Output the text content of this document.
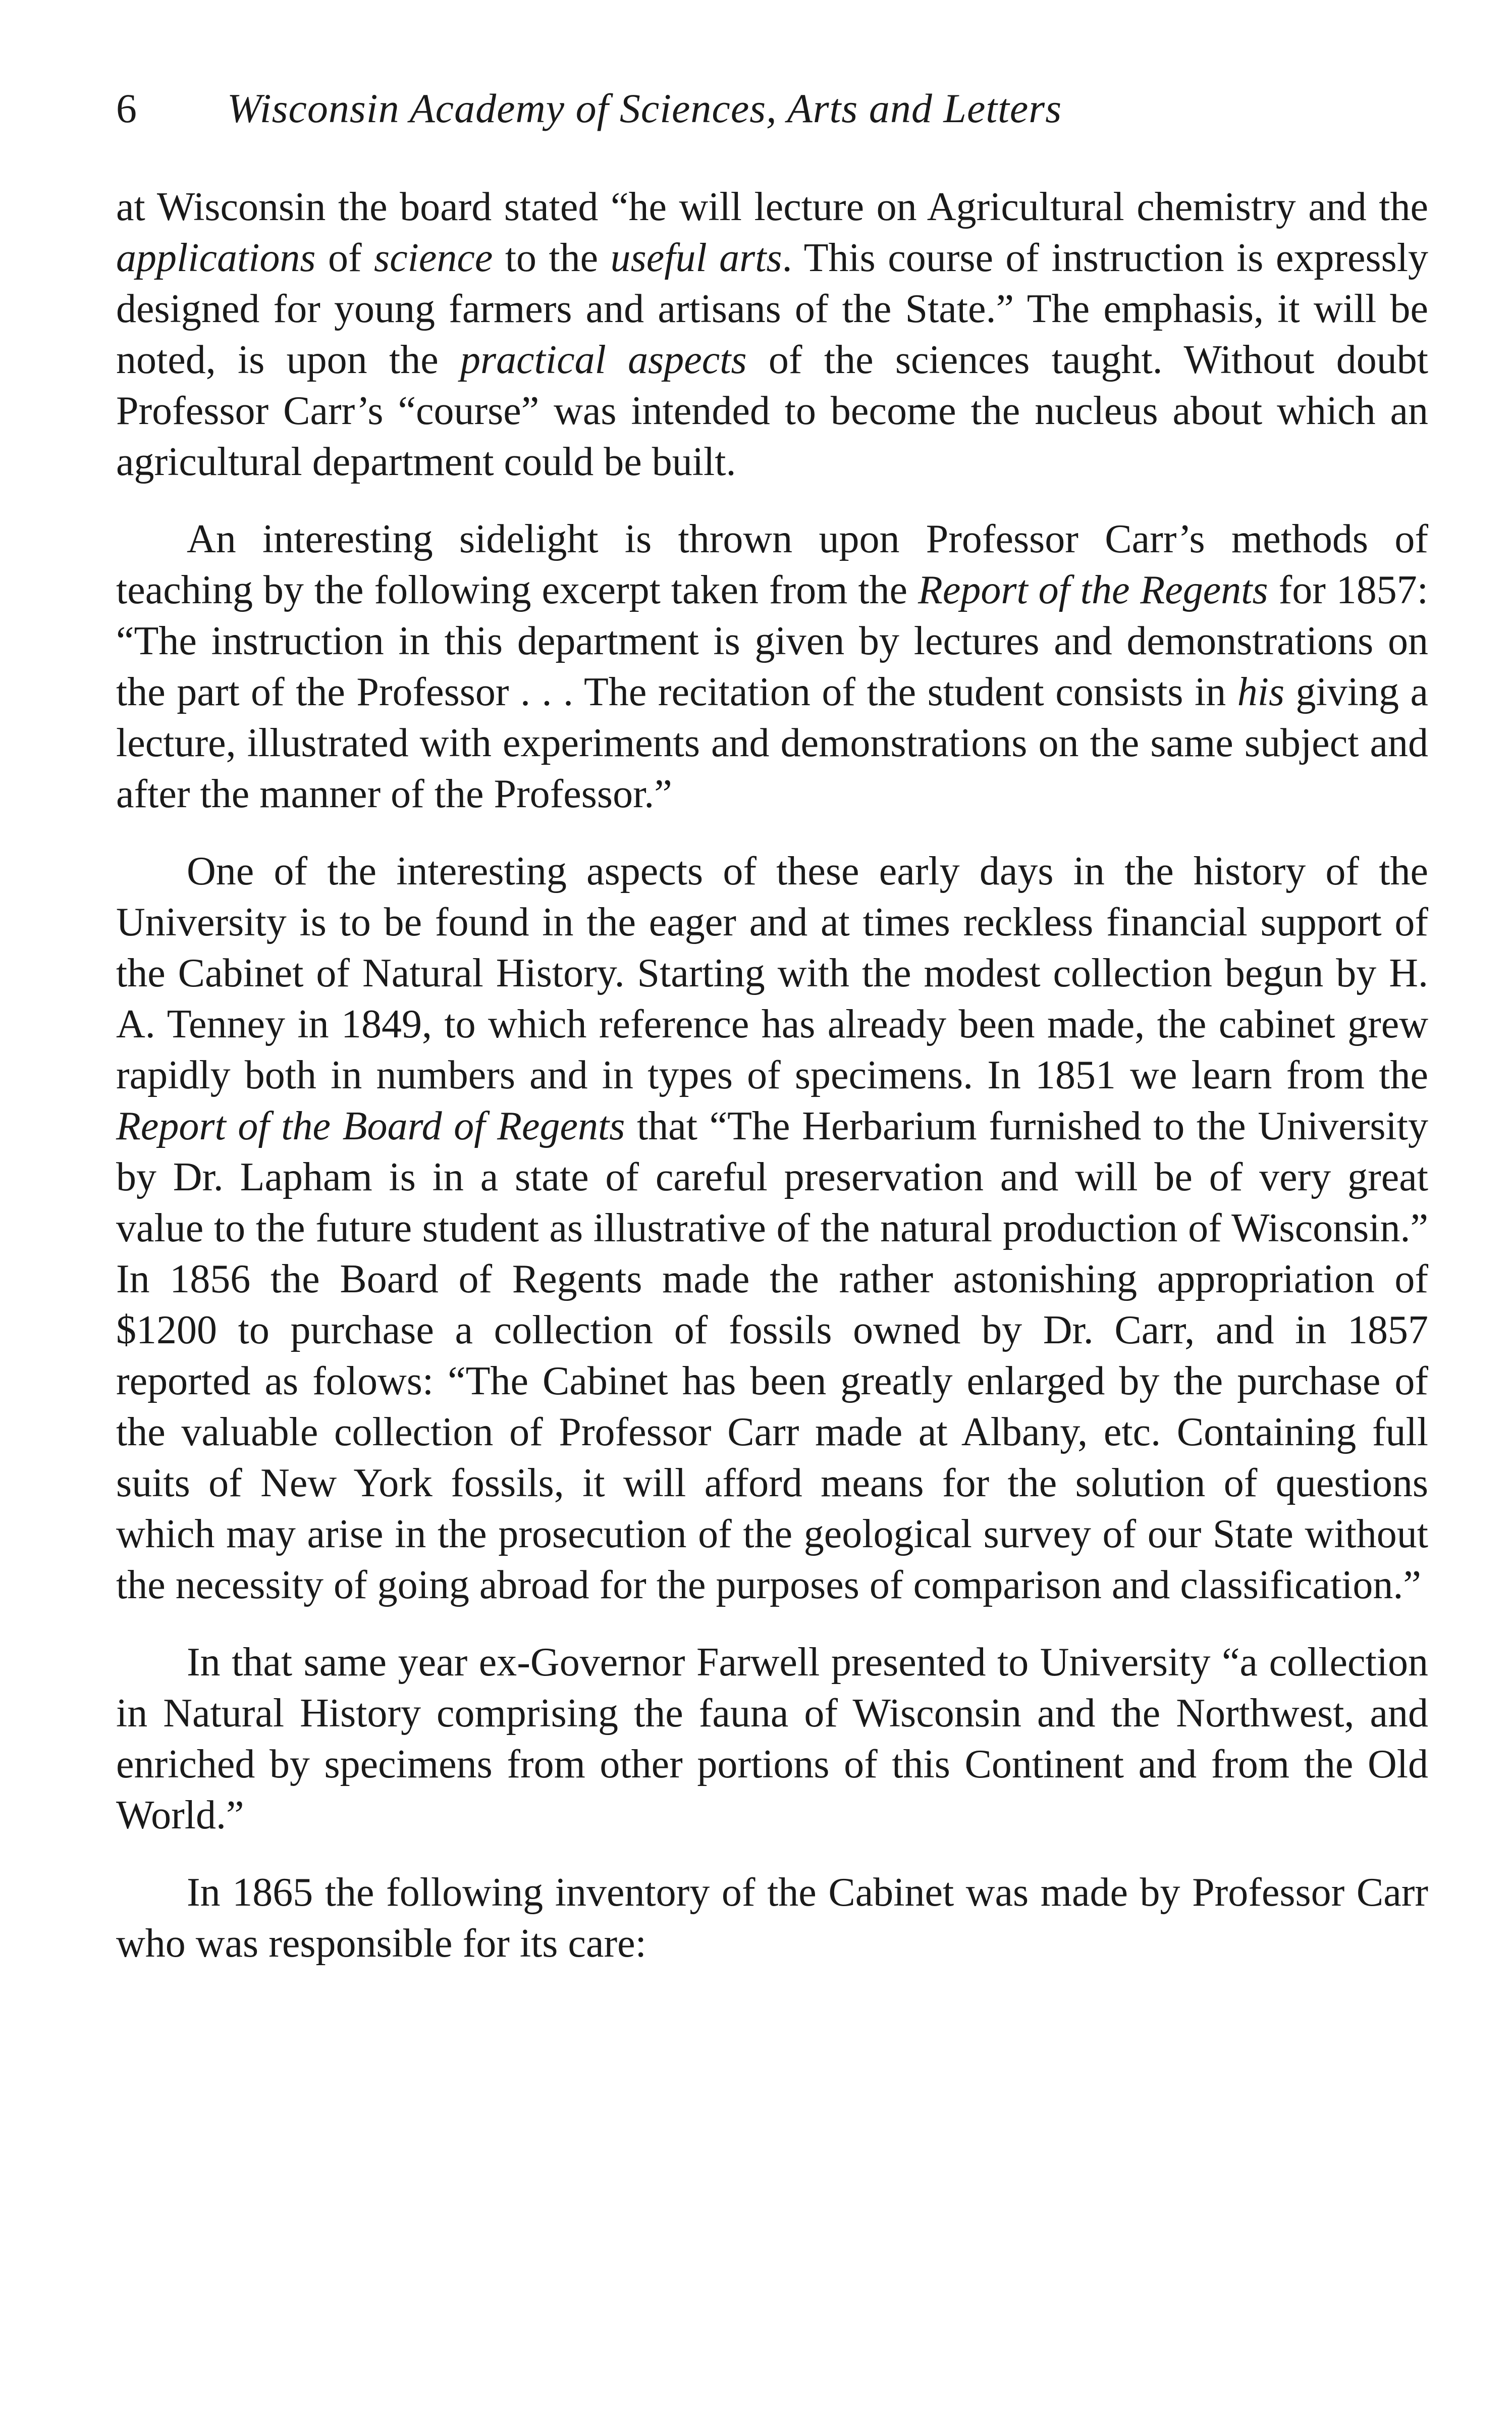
6 Wisconsin Academy of Sciences, Arts and Letters

at Wisconsin the board stated “he will lecture on Agricultural chemistry and the applications of science to the useful arts. This course of instruction is expressly designed for young farmers and artisans of the State.” The emphasis, it will be noted, is upon the practical aspects of the sciences taught. Without doubt Professor Carr’s “course” was intended to become the nucleus about which an agricultural department could be built.

An interesting sidelight is thrown upon Professor Carr’s methods of teaching by the following excerpt taken from the Report of the Regents for 1857: “The instruction in this department is given by lectures and demonstrations on the part of the Professor . . . The recitation of the student consists in his giving a lecture, illustrated with experiments and demonstrations on the same subject and after the manner of the Professor.”

One of the interesting aspects of these early days in the history of the University is to be found in the eager and at times reckless financial support of the Cabinet of Natural History. Starting with the modest collection begun by H. A. Tenney in 1849, to which reference has already been made, the cabinet grew rapidly both in numbers and in types of specimens. In 1851 we learn from the Report of the Board of Regents that “The Herbarium furnished to the University by Dr. Lapham is in a state of careful preservation and will be of very great value to the future student as illustrative of the natural production of Wisconsin.” In 1856 the Board of Regents made the rather astonishing appropriation of $1200 to purchase a collection of fossils owned by Dr. Carr, and in 1857 reported as folows: “The Cabinet has been greatly enlarged by the purchase of the valuable collection of Professor Carr made at Albany, etc. Containing full suits of New York fossils, it will afford means for the solution of questions which may arise in the prosecution of the geological survey of our State without the necessity of going abroad for the purposes of comparison and classification.”

In that same year ex-Governor Farwell presented to University “a collection in Natural History comprising the fauna of Wisconsin and the Northwest, and enriched by specimens from other portions of this Continent and from the Old World.”

In 1865 the following inventory of the Cabinet was made by Professor Carr who was responsible for its care:
